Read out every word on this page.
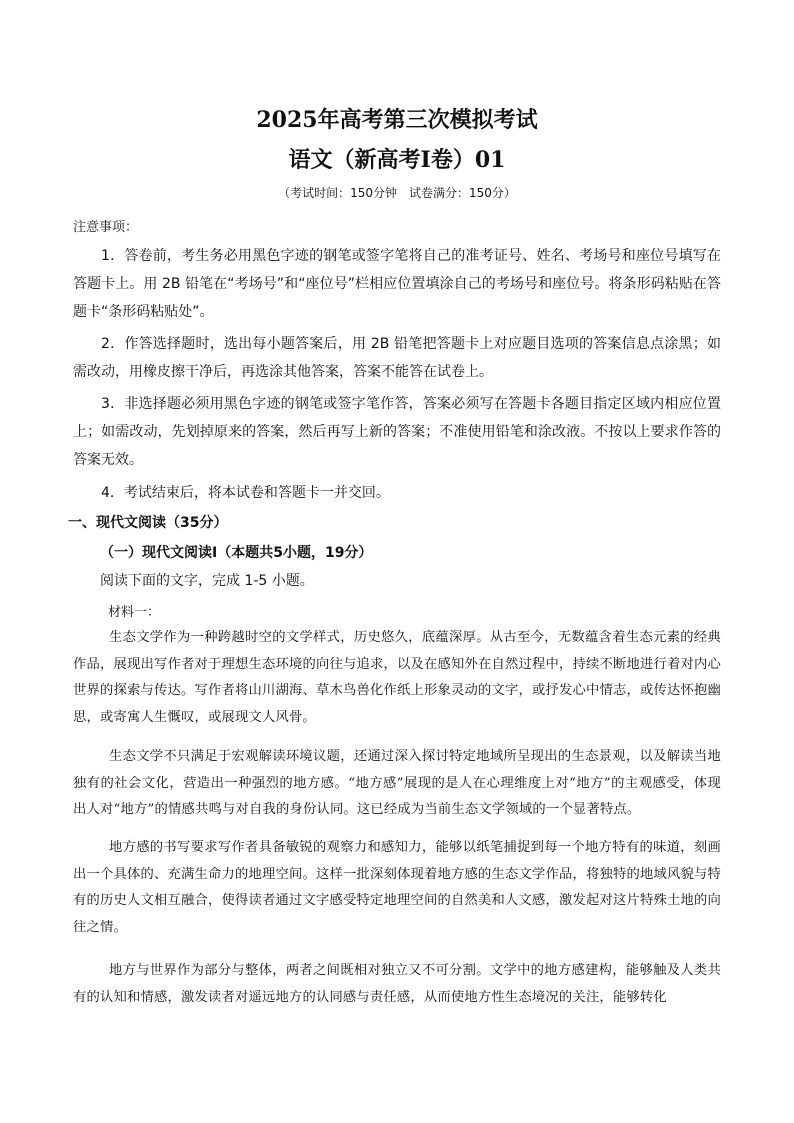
2025年高考第三次模拟考试
语文（新高考Ⅰ卷）01
（考试时间：150分钟　试卷满分：150分）
注意事项：

1．答卷前，考生务必用黑色字迹的钢笔或签字笔将自己的准考证号、姓名、考场号和座位号填写在答题卡上。用 2B 铅笔在“考场号”和“座位号”栏相应位置填涂自己的考场号和座位号。将条形码粘贴在答题卡“条形码粘贴处”。

2．作答选择题时，选出每小题答案后，用 2B 铅笔把答题卡上对应题目选项的答案信息点涂黑；如需改动，用橡皮擦干净后，再选涂其他答案，答案不能答在试卷上。

3．非选择题必须用黑色字迹的钢笔或签字笔作答，答案必须写在答题卡各题目指定区域内相应位置上；如需改动，先划掉原来的答案，然后再写上新的答案；不准使用铅笔和涂改液。不按以上要求作答的答案无效。

4．考试结束后，将本试卷和答题卡一并交回。

一、现代文阅读（35分）
（一）现代文阅读Ⅰ（本题共5小题，19分）

阅读下面的文字，完成 1-5 小题。

材料一：

生态文学作为一种跨越时空的文学样式，历史悠久，底蕴深厚。从古至今，无数蕴含着生态元素的经典作品，展现出写作者对于理想生态环境的向往与追求，以及在感知外在自然过程中，持续不断地进行着对内心世界的探索与传达。写作者将山川湖海、草木鸟兽化作纸上形象灵动的文字，或抒发心中情志，或传达怀抱幽思，或寄寓人生慨叹，或展现文人风骨。

生态文学不只满足于宏观解读环境议题，还通过深入探讨特定地域所呈现出的生态景观，以及解读当地独有的社会文化，营造出一种强烈的地方感。“地方感”展现的是人在心理维度上对“地方”的主观感受，体现出人对“地方”的情感共鸣与对自我的身份认同。这已经成为当前生态文学领域的一个显著特点。

地方感的书写要求写作者具备敏锐的观察力和感知力，能够以纸笔捕捉到每一个地方特有的味道，刻画出一个具体的、充满生命力的地理空间。这样一批深刻体现着地方感的生态文学作品，将独特的地域风貌与特有的历史人文相互融合，使得读者通过文字感受特定地理空间的自然美和人文感，激发起对这片特殊土地的向往之情。

地方与世界作为部分与整体，两者之间既相对独立又不可分割。文学中的地方感建构，能够触及人类共有的认知和情感，激发读者对遥远地方的认同感与责任感，从而使地方性生态境况的关注，能够转化
